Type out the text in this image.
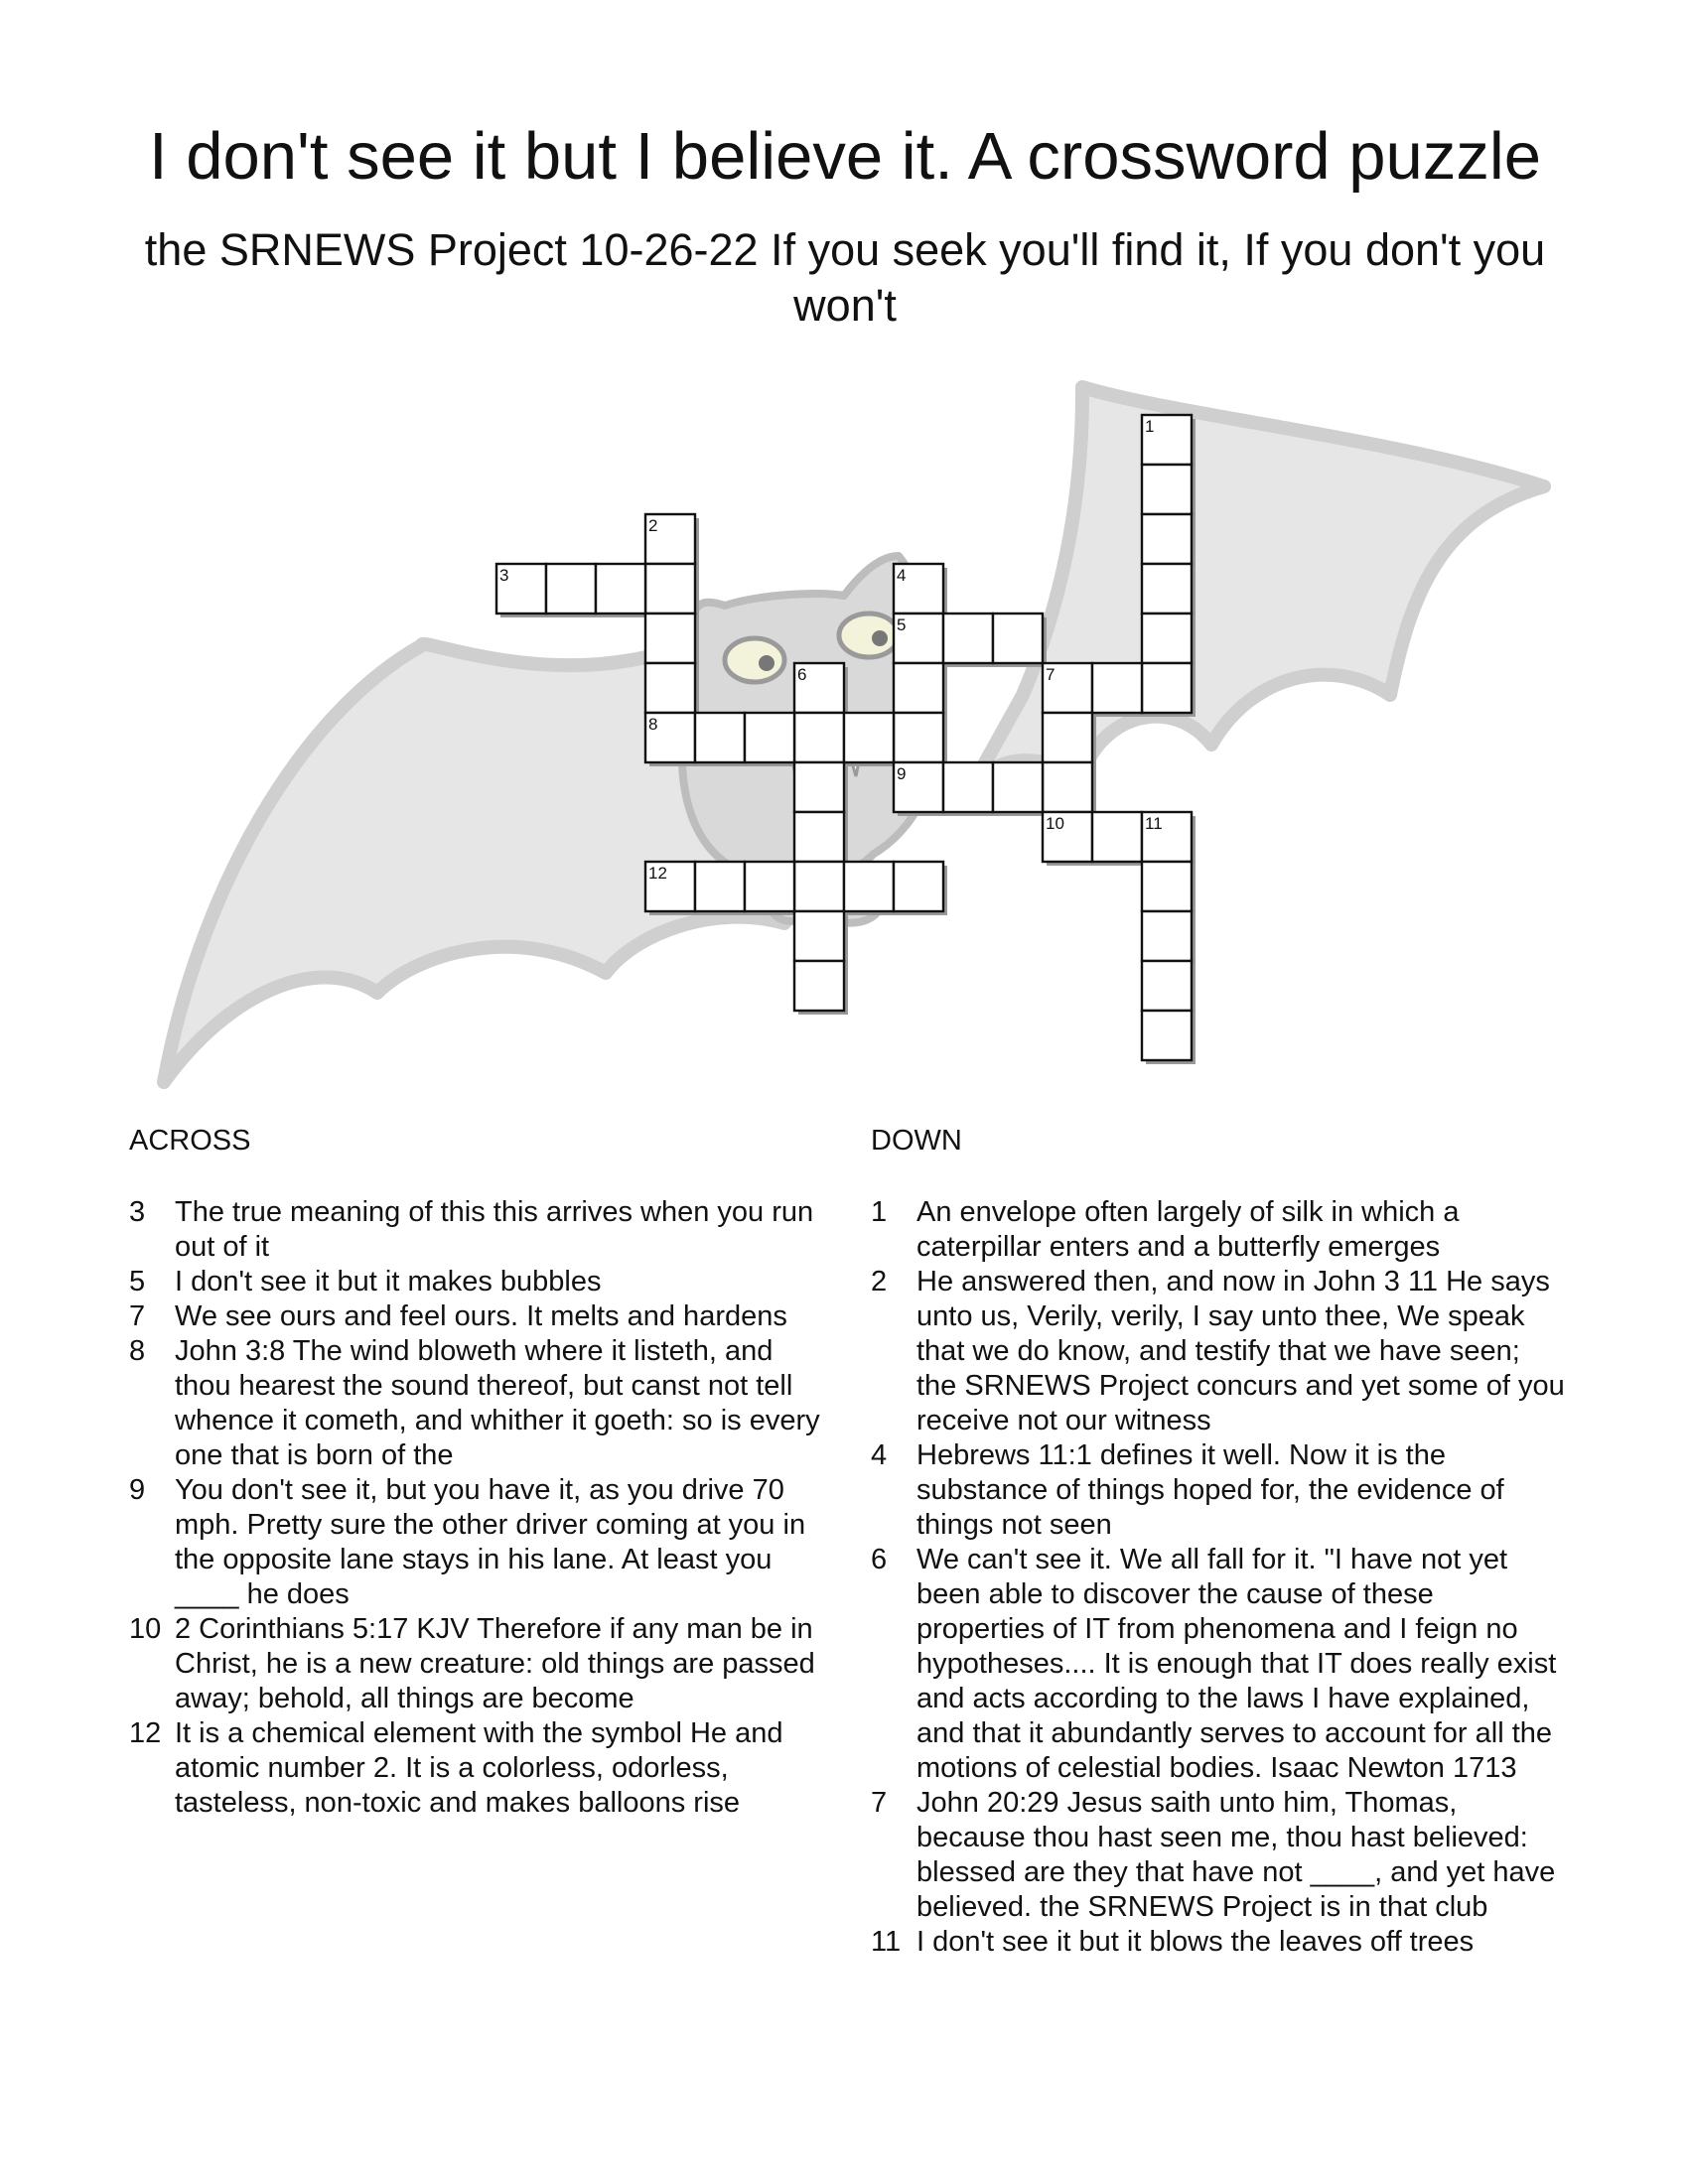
I don't see it but I believe it. A crossword puzzle
the SRNEWS Project 10-26-22 If you seek you'll find it, If you don't you won't
1
2
8
3	4
5
6	7
10
9
11
12
ACROSS
3	The true meaning of this this arrives when you run out of it
5	I don't see it but it makes bubbles
7	We see ours and feel ours. It melts and hardens
8	John 3:8 The wind bloweth where it listeth, and thou hearest the sound thereof, but canst not tell whence it cometh, and whither it goeth: so is every one that is born of the
9	You don't see it, but you have it, as you drive 70 mph. Pretty sure the other driver coming at you in the opposite lane stays in his lane. At least you ____ he does
10 2 Corinthians 5:17 KJV Therefore if any man be in Christ, he is a new creature: old things are passed away; behold, all things are become
12 It is a chemical element with the symbol He and atomic number 2. It is a colorless, odorless, tasteless, non-toxic and makes balloons rise
DOWN
1	An envelope often largely of silk in which a caterpillar enters and a butterfly emerges
2	He answered then, and now in John 3 11 He says unto us, Verily, verily, I say unto thee, We speak that we do know, and testify that we have seen; the SRNEWS Project concurs and yet some of you receive not our witness
4	Hebrews 11:1 defines it well. Now it is the substance of things hoped for, the evidence of things not seen
6	We can't see it. We all fall for it. "I have not yet been able to discover the cause of these properties of IT from phenomena and I feign no hypotheses.... It is enough that IT does really exist and acts according to the laws I have explained, and that it abundantly serves to account for all the motions of celestial bodies. Isaac Newton 1713
7	John 20:29 Jesus saith unto him, Thomas, because thou hast seen me, thou hast believed: blessed are they that have not ____, and yet have believed. the SRNEWS Project is in that club
11 I don't see it but it blows the leaves off trees
